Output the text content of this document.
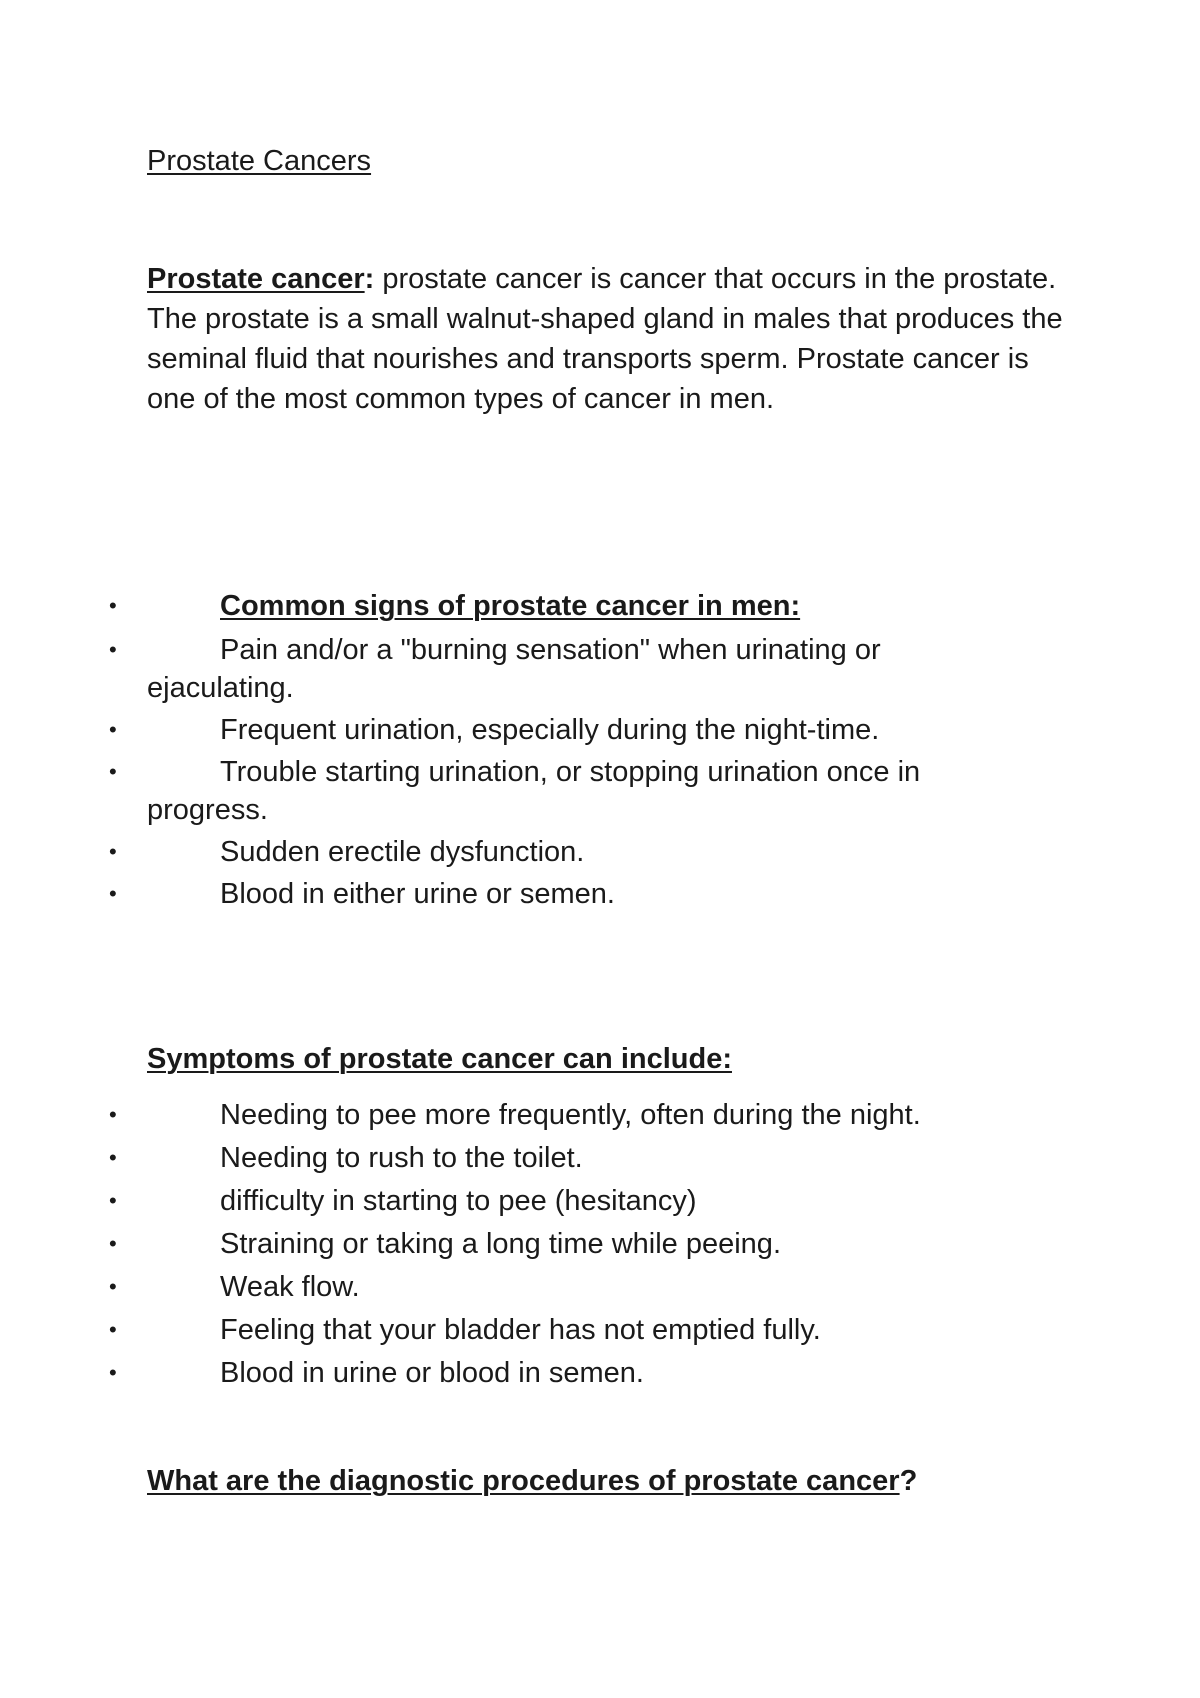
Prostate Cancers
Prostate cancer: prostate cancer is cancer that occurs in the prostate. The prostate is a small walnut-shaped gland in males that produces the seminal fluid that nourishes and transports sperm. Prostate cancer is one of the most common types of cancer in men.
•	Common signs of prostate cancer in men:
•	Pain and/or a "burning sensation" when urinating or ejaculating.
•	Frequent urination, especially during the night-time.
•	Trouble starting urination, or stopping urination once in progress.
•	Sudden erectile dysfunction.
•	Blood in either urine or semen.
Symptoms of prostate cancer can include:
•	Needing to pee more frequently, often during the night.
•	Needing to rush to the toilet.
•	difficulty in starting to pee (hesitancy)
•	Straining or taking a long time while peeing.
•	Weak flow.
•	Feeling that your bladder has not emptied fully.
•	Blood in urine or blood in semen.
What are the diagnostic procedures of prostate cancer?
